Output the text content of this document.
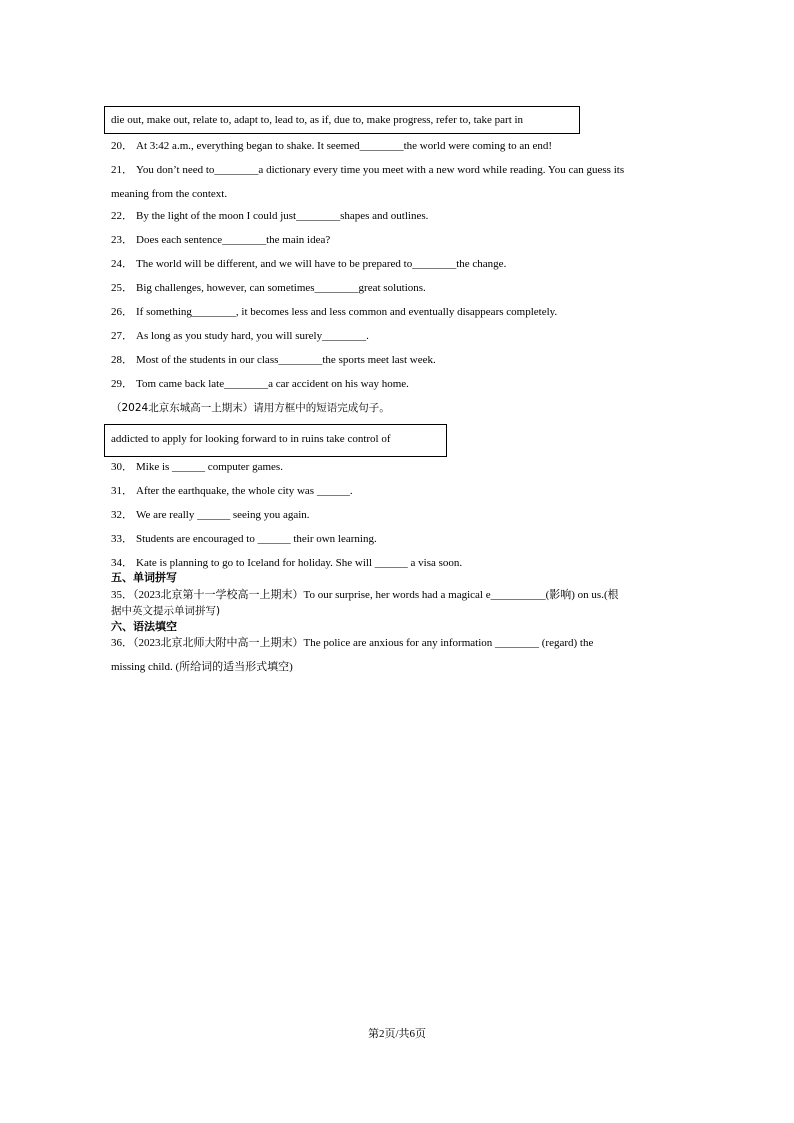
die out, make out, relate to, adapt to, lead to, as if, due to, make progress, refer to, take part in
20． At 3:42 a.m., everything began to shake. It seemed________the world were coming to an end!
21． You don’t need to________a dictionary every time you meet with a new word while reading. You can guess its
meaning from the context.
22． By the light of the moon I could just________shapes and outlines.
23． Does each sentence________the main idea?
24． The world will be different, and we will have to be prepared to________the change.
25． Big challenges, however, can sometimes________great solutions.
26． If something________, it becomes less and less common and eventually disappears completely.
27． As long as you study hard, you will surely________.
28． Most of the students in our class________the sports meet last week.
29． Tom came back late________a car accident on his way home.
（2024北京东城高一上期末）请用方框中的短语完成句子。
addicted to apply for looking forward to in ruins take control of
30． Mike is ______ computer games.
31． After the earthquake, the whole city was ______.
32． We are really ______ seeing you again.
33． Students are encouraged to ______ their own learning.
34． Kate is planning to go to Iceland for holiday. She will ______ a visa soon.
五、单词拼写
35．（2023北京第十一学校高一上期末）To our surprise, her words had a magical e__________(影响) on us.(根
据中英文提示单词拼写)
六、语法填空
36．（2023北京北师大附中高一上期末）The police are anxious for any information ________ (regard) the
missing child. (所给词的适当形式填空)
第2页/共6页
